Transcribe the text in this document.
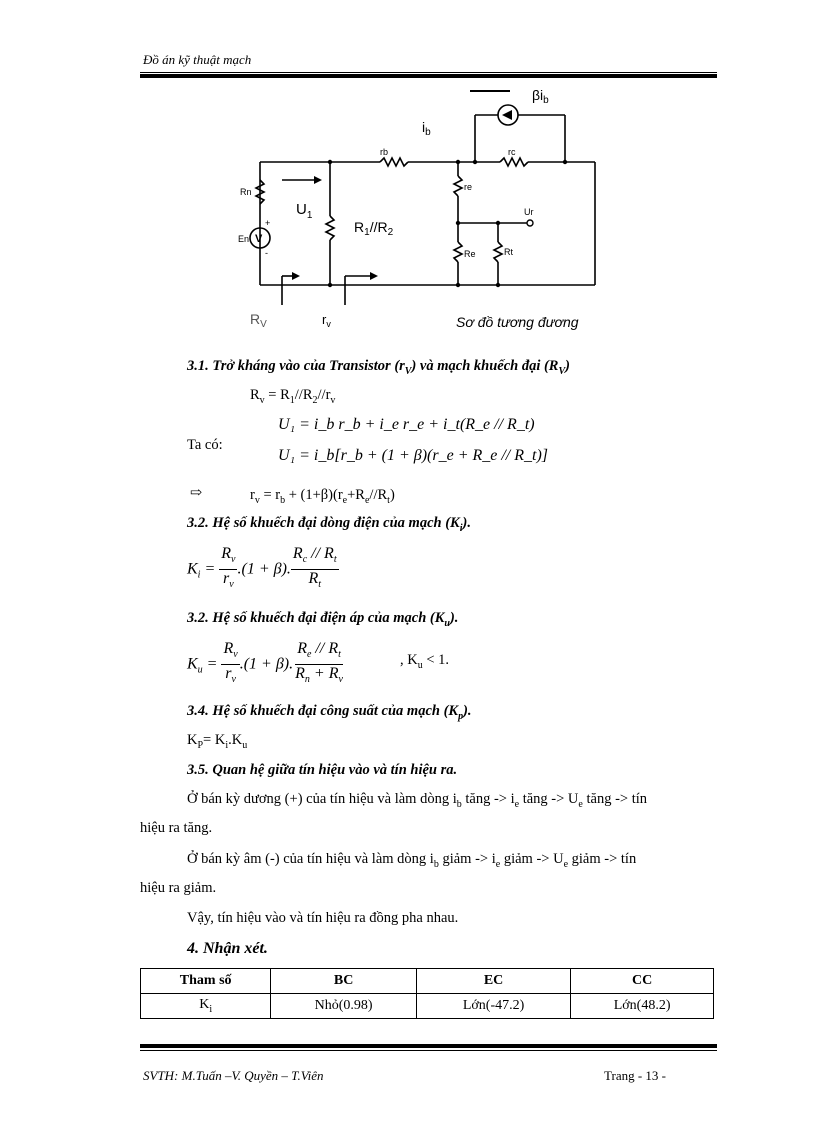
Đồ án kỹ thuật mạch
$\beta i_b$
$i_b$
rb	rc
Rn
+
V
En
-
$U_1$
$R_1//R_2$
re
Ur
Re	Rt
$R_V$	$r_v$	Sơ đồ tương đương
3.1. Trở kháng vào của Transistor $(r_V)$ và mạch khuếch đại $(R_V)$
$R_v = R_1//R_2//r_v$
Ta có:
U₁ = i_b r_b + i_e r_e + i_t(R_e // R_t)
U₁ = i_b[r_b + (1 + β)(r_e + R_e // R_t)]
⇨	$r_v = r_b + (1+\beta)(r_e+R_e//R_t)$
3.2. Hệ số khuếch đại dòng điện của mạch $(K_i)$.
$K_i = \frac{R_v}{r_v} .(1 + \beta)$. $\frac{R_c // R_t}{R_t}$
3.2. Hệ số khuếch đại điện áp của mạch $(K_u)$.
$K_u = \frac{R_v}{r_v} .(1 + \beta)$. $\frac{R_e // R_t}{R_n + R_v}$	, $K_u < 1$.
3.4. Hệ số khuếch đại công suất của mạch $(K_p)$.
$K_P= K_i.K_u$
3.5. Quan hệ giữa tín hiệu vào và tín hiệu ra.
Ở bán kỳ dương (+) của tín hiệu và làm dòng $i_b$ tăng -> $i_e$ tăng -> $U_e$ tăng -> tín
hiệu ra tăng.
Ở bán kỳ âm (-) của tín hiệu và làm dòng $i_b$ giảm -> $i_e$ giảm -> $U_e$ giảm -> tín
hiệu ra giảm.
Vậy, tín hiệu vào và tín hiệu ra đồng pha nhau.
4. Nhận xét.
Tham số	BC	EC	CC
$K_i$	Nhỏ(0.98)	Lớn(-47.2)	Lớn(48.2)
SVTH: M.Tuấn –V. Quyền – T.Viên	Trang - 13 -
